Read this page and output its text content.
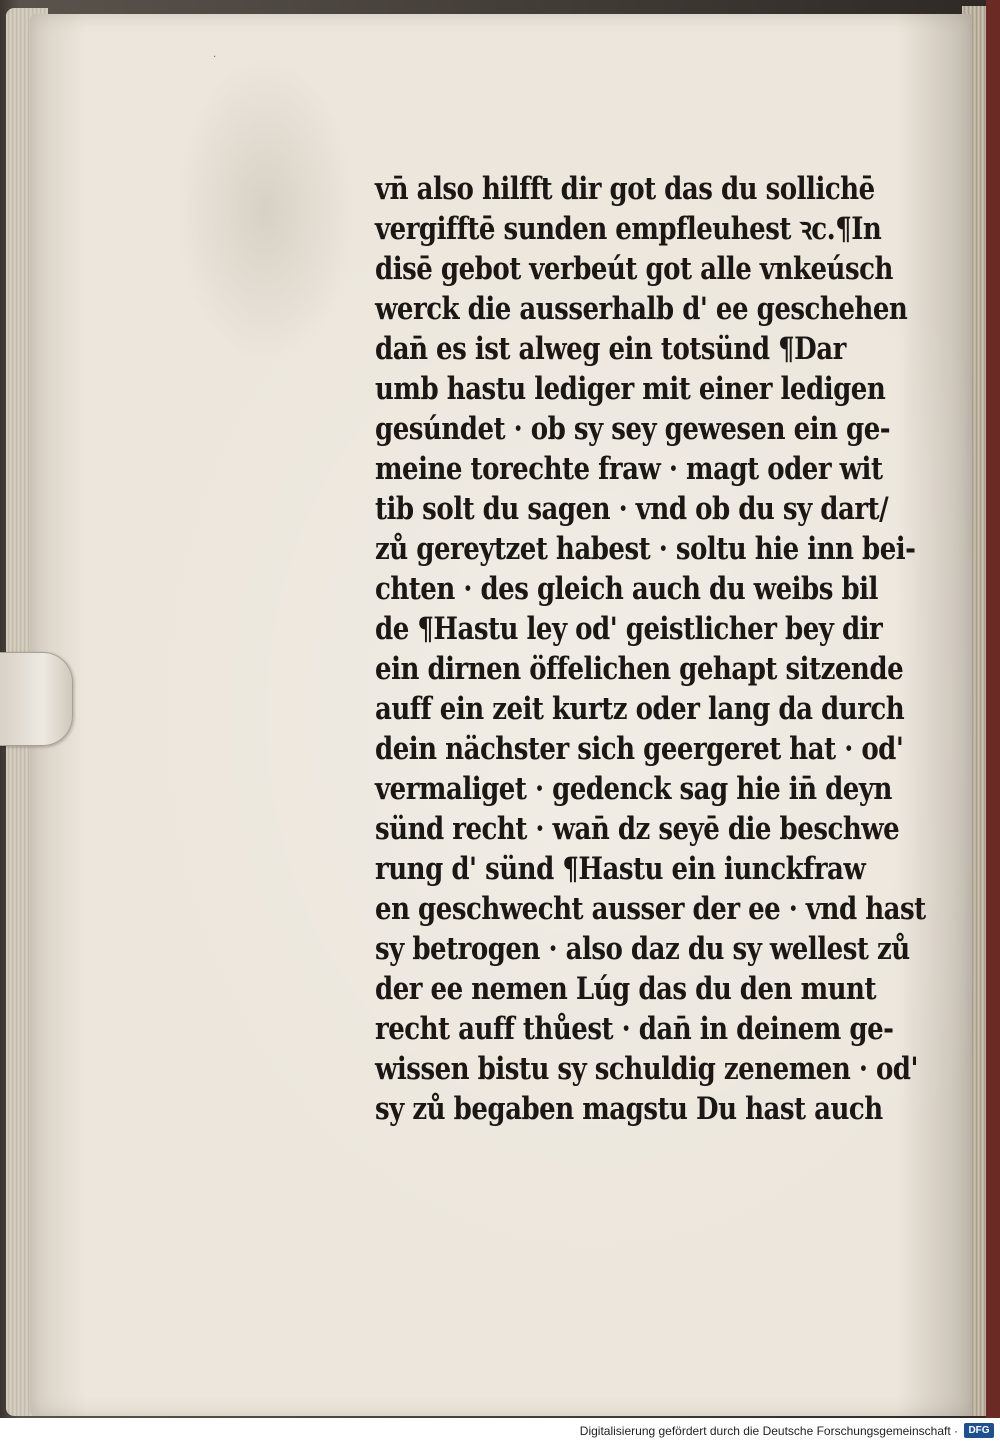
·
vn̄ also hilfft dir got das du sollichē
vergifftē sunden empfleuhest ꝛc.¶In
disē gebot verbeút got alle vnkeúsch
werck die ausserhalb d' ee geschehen
dan̄ es ist alweg ein totsünd ¶Dar
umb hastu lediger mit einer ledigen
gesúndet · ob sy sey gewesen ein ge-
meine torechte fraw · magt oder wit
tib solt du sagen · vnd ob du sy dart/
zů gereytzet habest · soltu hie inn bei-
chten · des gleich auch du weibs bil
de ¶Hastu ley od' geistlicher bey dir
ein dirnen öffelichen gehapt sitzende
auff ein zeit kurtz oder lang da durch
dein nächster sich geergeret hat · od'
vermaliget · gedenck sag hie in̄ deyn
sünd recht · wan̄ dz seyē die beschwe
rung d' sünd ¶Hastu ein iunckfraw
en geschwecht ausser der ee · vnd hast
sy betrogen · also daz du sy wellest zů
der ee nemen Lúg das du den munt
recht auff thůest · dan̄ in deinem ge-
wissen bistu sy schuldig zenemen · od'
sy zů begaben magstu Du hast auch
Digitalisierung gefördert durch die Deutsche Forschungsgemeinschaft ·	DFG
